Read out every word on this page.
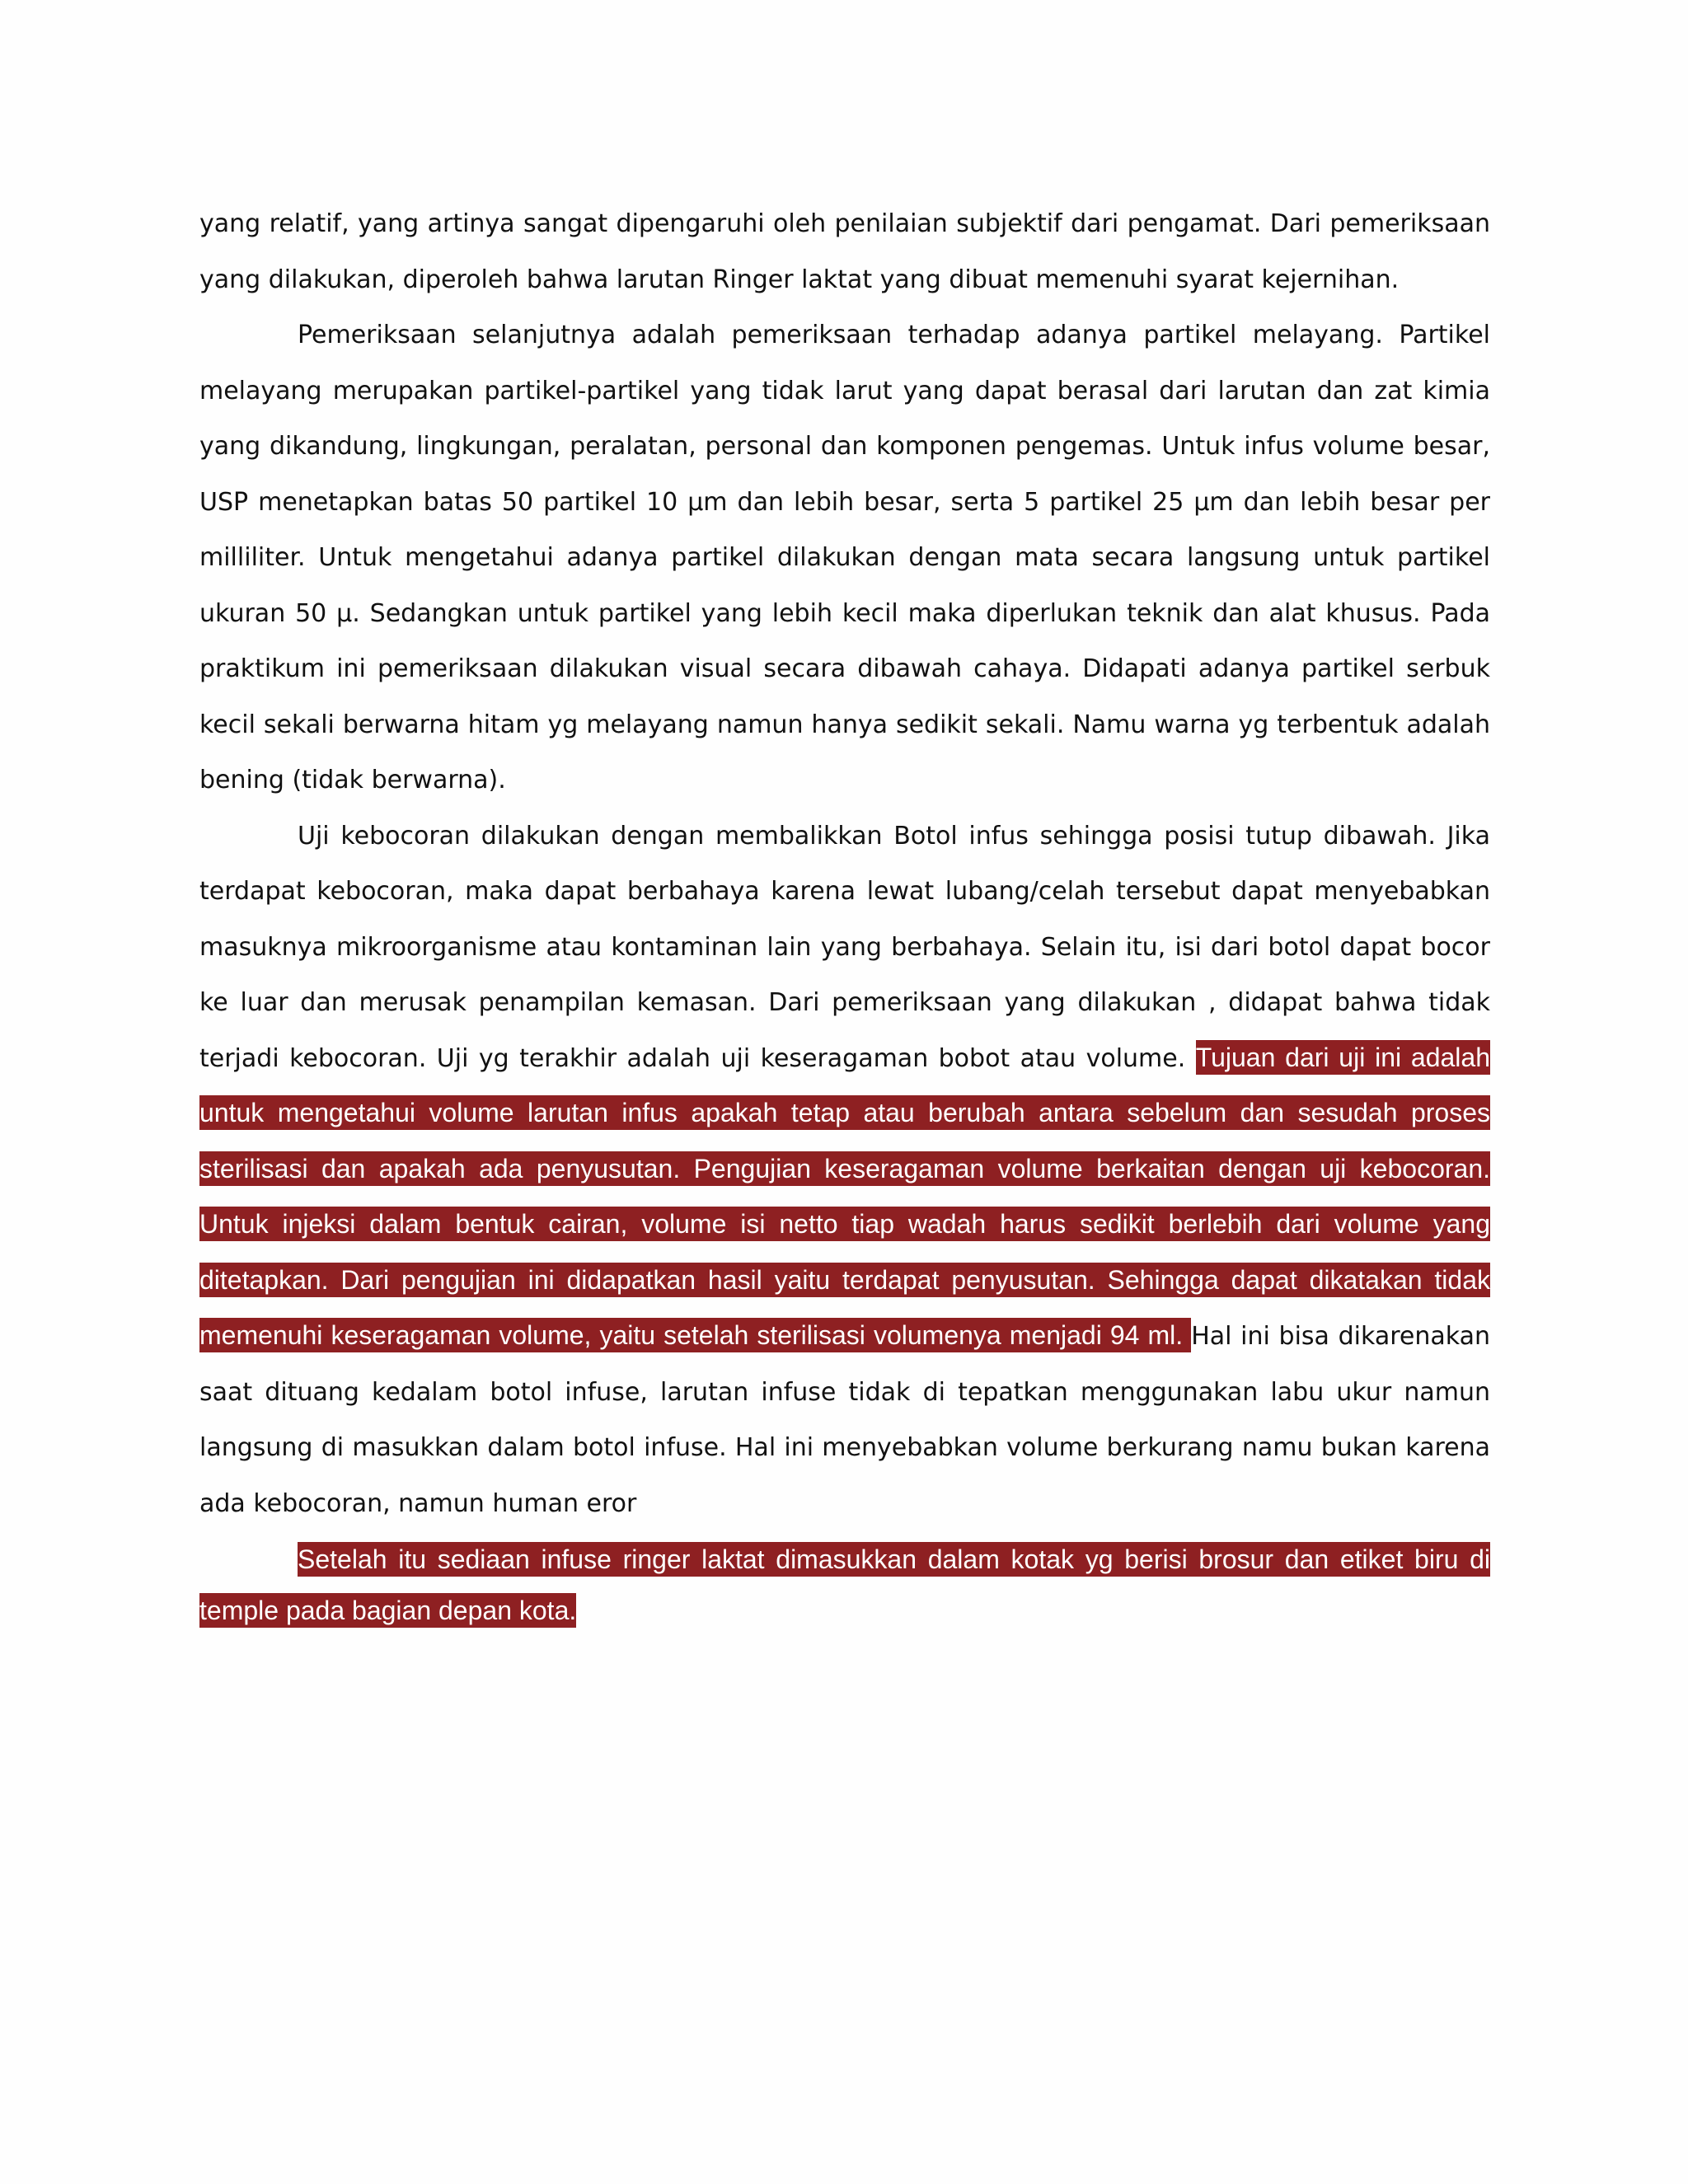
yang relatif, yang artinya sangat dipengaruhi oleh penilaian subjektif dari pengamat. Dari pemeriksaan yang dilakukan, diperoleh bahwa larutan Ringer laktat yang dibuat memenuhi syarat kejernihan.

Pemeriksaan selanjutnya adalah pemeriksaan terhadap adanya partikel melayang. Partikel melayang merupakan partikel-partikel yang tidak larut yang dapat berasal dari larutan dan zat kimia yang dikandung, lingkungan, peralatan, personal dan komponen pengemas. Untuk infus volume besar, USP menetapkan batas 50 partikel 10 µm dan lebih besar, serta 5 partikel 25 µm dan lebih besar per milliliter. Untuk mengetahui adanya partikel dilakukan dengan mata secara langsung untuk partikel ukuran 50 µ. Sedangkan untuk partikel yang lebih kecil maka diperlukan teknik dan alat khusus. Pada praktikum ini pemeriksaan dilakukan visual secara dibawah cahaya. Didapati adanya partikel serbuk kecil sekali berwarna hitam yg melayang namun hanya sedikit sekali. Namu warna yg terbentuk adalah bening (tidak berwarna).

Uji kebocoran dilakukan dengan membalikkan Botol infus sehingga posisi tutup dibawah. Jika terdapat kebocoran, maka dapat berbahaya karena lewat lubang/celah tersebut dapat menyebabkan masuknya mikroorganisme atau kontaminan lain yang berbahaya. Selain itu, isi dari botol dapat bocor ke luar dan merusak penampilan kemasan. Dari pemeriksaan yang dilakukan , didapat bahwa tidak terjadi kebocoran. Uji yg terakhir adalah uji keseragaman bobot atau volume. Tujuan dari uji ini adalah untuk mengetahui volume larutan infus apakah tetap atau berubah antara sebelum dan sesudah proses sterilisasi dan apakah ada penyusutan. Pengujian keseragaman volume berkaitan dengan uji kebocoran. Untuk injeksi dalam bentuk cairan, volume isi netto tiap wadah harus sedikit berlebih dari volume yang ditetapkan. Dari pengujian ini didapatkan hasil yaitu terdapat penyusutan. Sehingga dapat dikatakan tidak memenuhi keseragaman volume, yaitu setelah sterilisasi volumenya menjadi 94 ml. Hal ini bisa dikarenakan saat dituang kedalam botol infuse, larutan infuse tidak di tepatkan menggunakan labu ukur namun langsung di masukkan dalam botol infuse. Hal ini menyebabkan volume berkurang namu bukan karena ada kebocoran, namun human eror

Setelah itu sediaan infuse ringer laktat dimasukkan dalam kotak yg berisi brosur dan etiket biru di temple pada bagian depan kota.
